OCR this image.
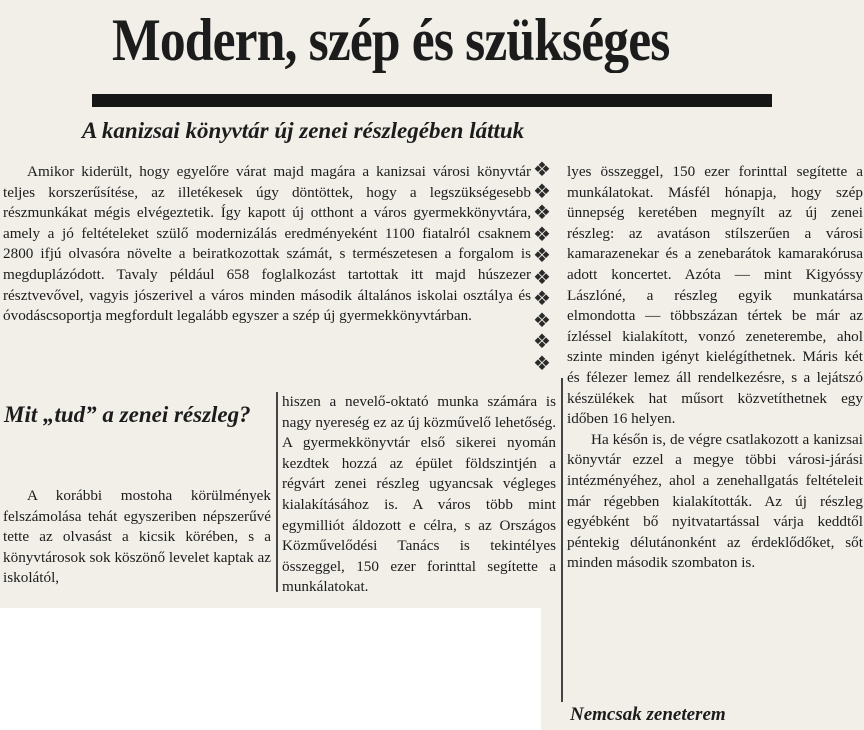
Modern, szép és szükséges
A kanizsai könyvtár új zenei részlegében láttuk

Amikor kiderült, hogy egyelőre várat majd magára a kanizsai városi könyvtár teljes korszerűsítése, az illetékesek úgy döntöttek, hogy a legszükségesebb részmunkákat mégis elvégeztetik. Így kapott új otthont a város gyermekkönyvtára, amely a jó feltételeket szülő modernizálás eredményeként 1100 fiatalról csaknem 2800 ifjú olvasóra növelte a beiratkozottak számát, s természetesen a forgalom is megduplázódott. Tavaly például 658 foglalkozást tartottak itt majd húszezer résztvevővel, vagyis jószerivel a város minden második általános iskolai osztálya és óvodáscsoportja megfordult legalább egyszer a szép új gyermekkönyvtárban.

❖
❖
❖
❖
❖
❖
❖
❖
❖
❖

lyes összeggel, 150 ezer forinttal segítette a munkálatokat. Másfél hónapja, hogy szép ünnepség keretében megnyílt az új zenei részleg: az avatáson stílszerűen a városi kamarazenekar és a zenebarátok kamarakórusa adott koncertet. Azóta — mint Kigyóssy Lászlóné, a részleg egyik munkatársa elmondotta — többszázan tértek be már az ízléssel kialakított, vonzó zeneterembe, ahol szinte minden igényt kielégíthetnek. Máris két és félezer lemez áll rendelkezésre, s a lejátszó készülékek hat műsort közvetíthetnek egy időben 16 helyen.

Ha későn is, de végre csatlakozott a kanizsai könyvtár ezzel a megye többi városi-járási intézményéhez, ahol a zenehallgatás feltételeit már régebben kialakították. Az új részleg egyébként bő nyitvatartással várja keddtől péntekig délutánonként az érdeklődőket, sőt minden második szombaton is.

Mit „tud” a zenei részleg?

A korábbi mostoha körülmények felszámolása tehát egyszeriben népszerűvé tette az olvasást a kicsik körében, s a könyvtárosok sok köszönő levelet kaptak az iskolától,

hiszen a nevelő-oktató munka számára is nagy nyereség ez az új közművelő lehetőség. A gyermekkönyvtár első sikerei nyomán kezdtek hozzá az épület földszintjén a régvárt zenei részleg ugyancsak végleges kialakításához is. A város több mint egymilliót áldozott e célra, s az Országos Közművelődési Tanács is tekintélyes összeggel, 150 ezer forinttal segítette a munkálatokat.

Nemcsak zeneterem
